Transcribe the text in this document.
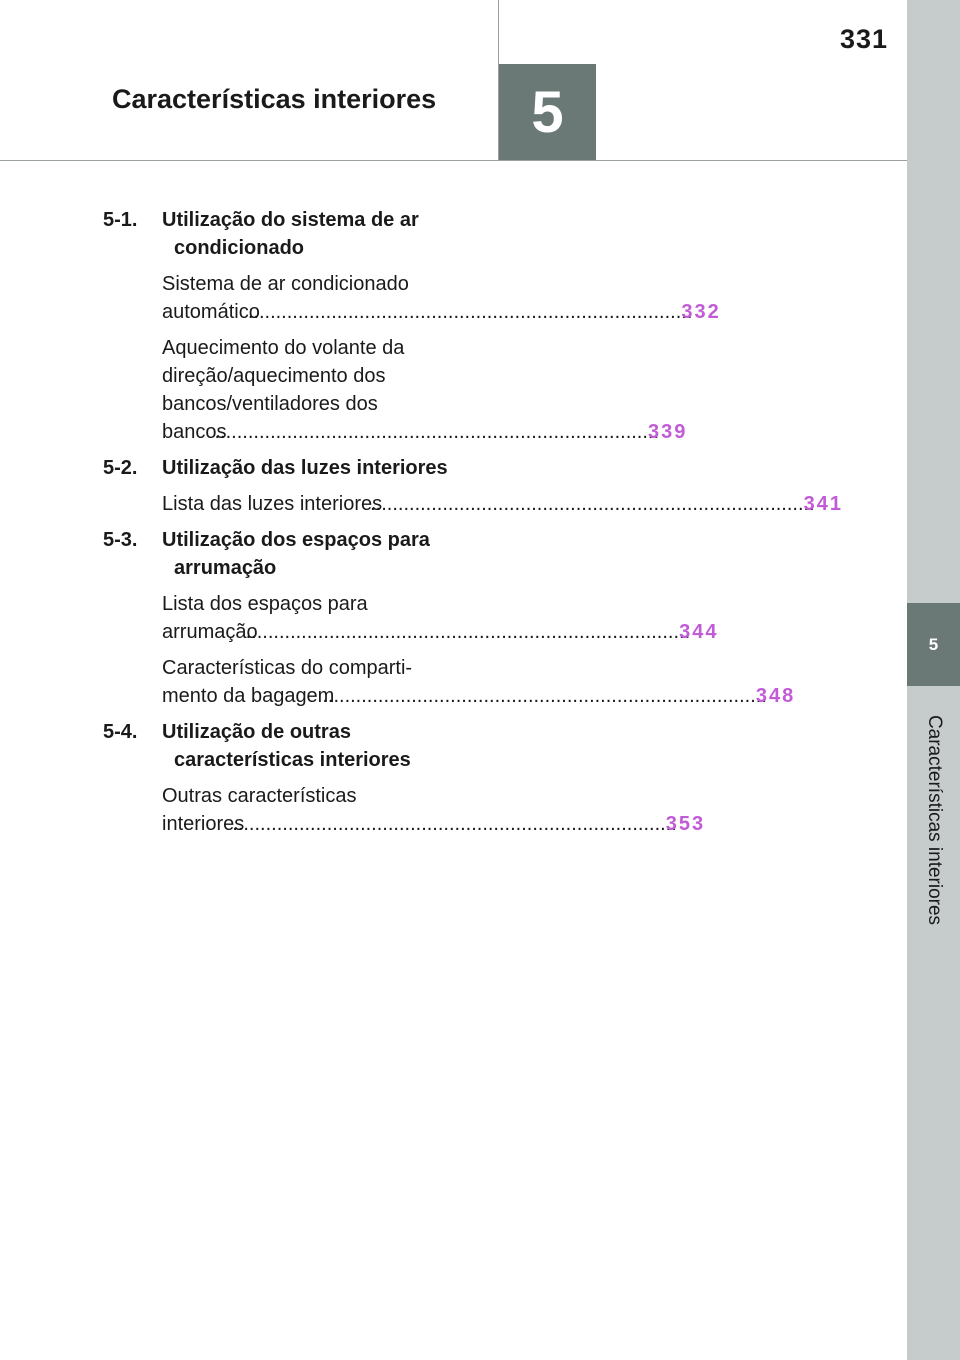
5
Características interiores
331
5
Características interiores
5-1. Utilização do sistema de ar condicionado
Sistema de ar condicionado
automático
................................................................................
332
Aquecimento do volante da
direção/aquecimento dos
bancos/ventiladores dos
bancos
................................................................................
339
5-2. Utilização das luzes interiores
Lista das luzes interiores
................................................................................
341
5-3. Utilização dos espaços para arrumação
Lista dos espaços para
arrumação
................................................................................
344
Características do comparti-
mento da bagagem
................................................................................
348
5-4. Utilização de outras características interiores
Outras características
interiores
................................................................................
353
